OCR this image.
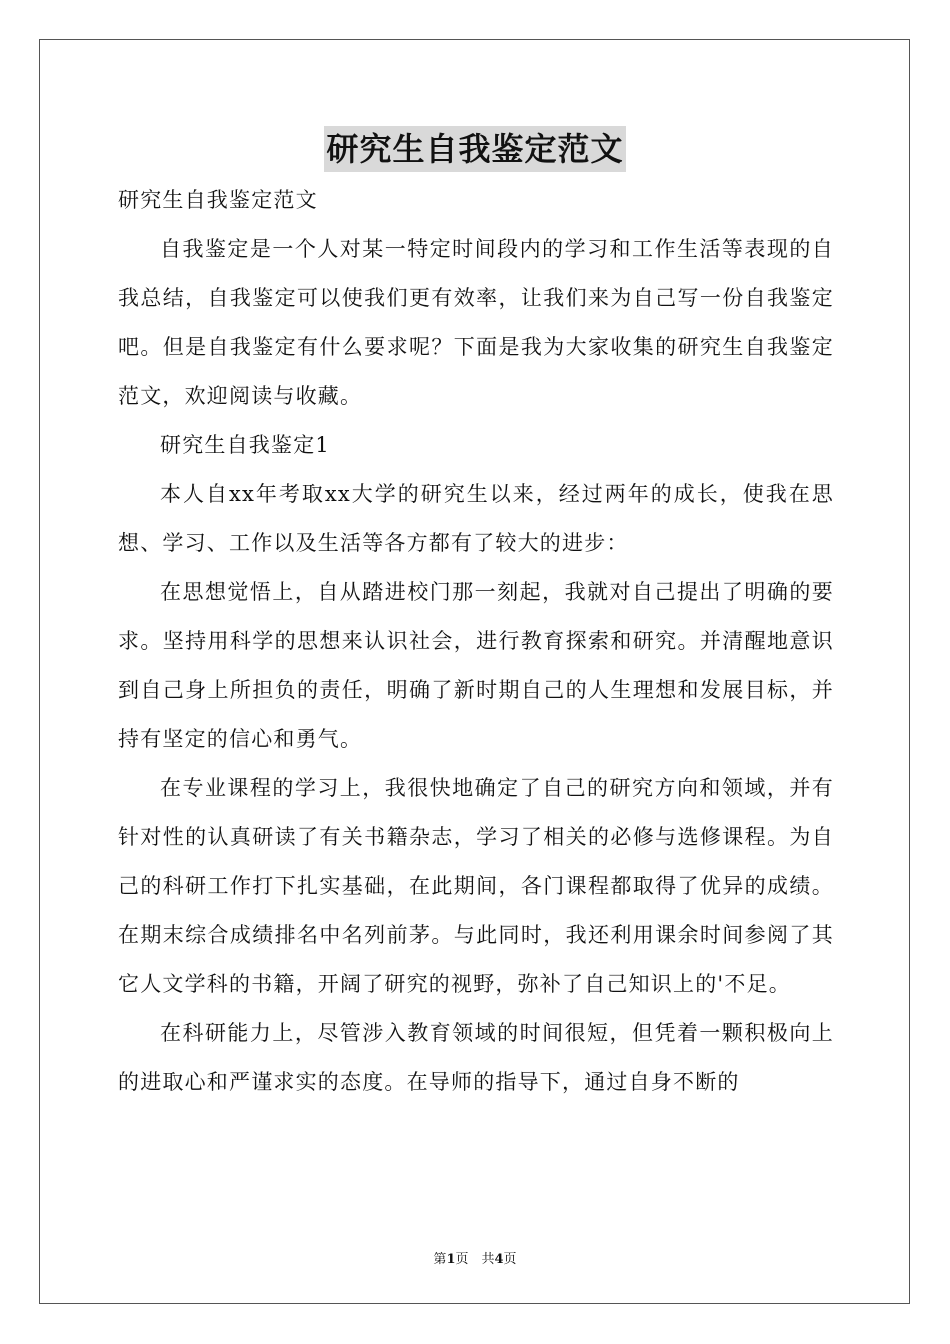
研究生自我鉴定范文

研究生自我鉴定范文

自我鉴定是一个人对某一特定时间段内的学习和工作生活等表现的自我总结，自我鉴定可以使我们更有效率，让我们来为自己写一份自我鉴定吧。但是自我鉴定有什么要求呢？下面是我为大家收集的研究生自我鉴定范文，欢迎阅读与收藏。

研究生自我鉴定1

本人自xx年考取xx大学的研究生以来，经过两年的成长，使我在思想、学习、工作以及生活等各方都有了较大的进步：

在思想觉悟上，自从踏进校门那一刻起，我就对自己提出了明确的要求。坚持用科学的思想来认识社会，进行教育探索和研究。并清醒地意识到自己身上所担负的责任，明确了新时期自己的人生理想和发展目标，并持有坚定的信心和勇气。

在专业课程的学习上，我很快地确定了自己的研究方向和领域，并有针对性的认真研读了有关书籍杂志，学习了相关的必修与选修课程。为自己的科研工作打下扎实基础，在此期间，各门课程都取得了优异的成绩。在期末综合成绩排名中名列前茅。与此同时，我还利用课余时间参阅了其它人文学科的书籍，开阔了研究的视野，弥补了自己知识上的'不足。

在科研能力上，尽管涉入教育领域的时间很短，但凭着一颗积极向上的进取心和严谨求实的态度。在导师的指导下，通过自身不断的

第1页　共4页
